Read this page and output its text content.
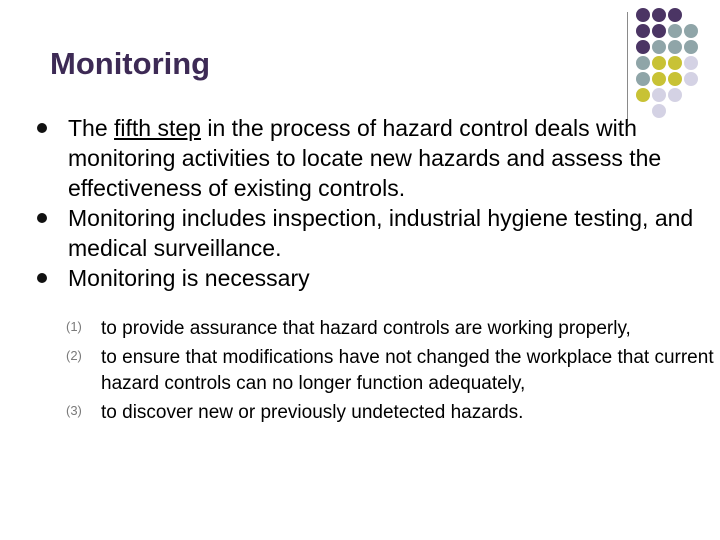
Monitoring
The fifth step in the process of hazard control deals with monitoring activities to locate new hazards and assess the effectiveness of existing controls.
Monitoring includes inspection, industrial hygiene testing, and medical surveillance.
Monitoring is necessary
(1) to provide assurance that hazard controls are working properly,
(2) to ensure that modifications have not changed the workplace that current hazard controls can no longer function adequately,
(3) to discover new or previously undetected hazards.
